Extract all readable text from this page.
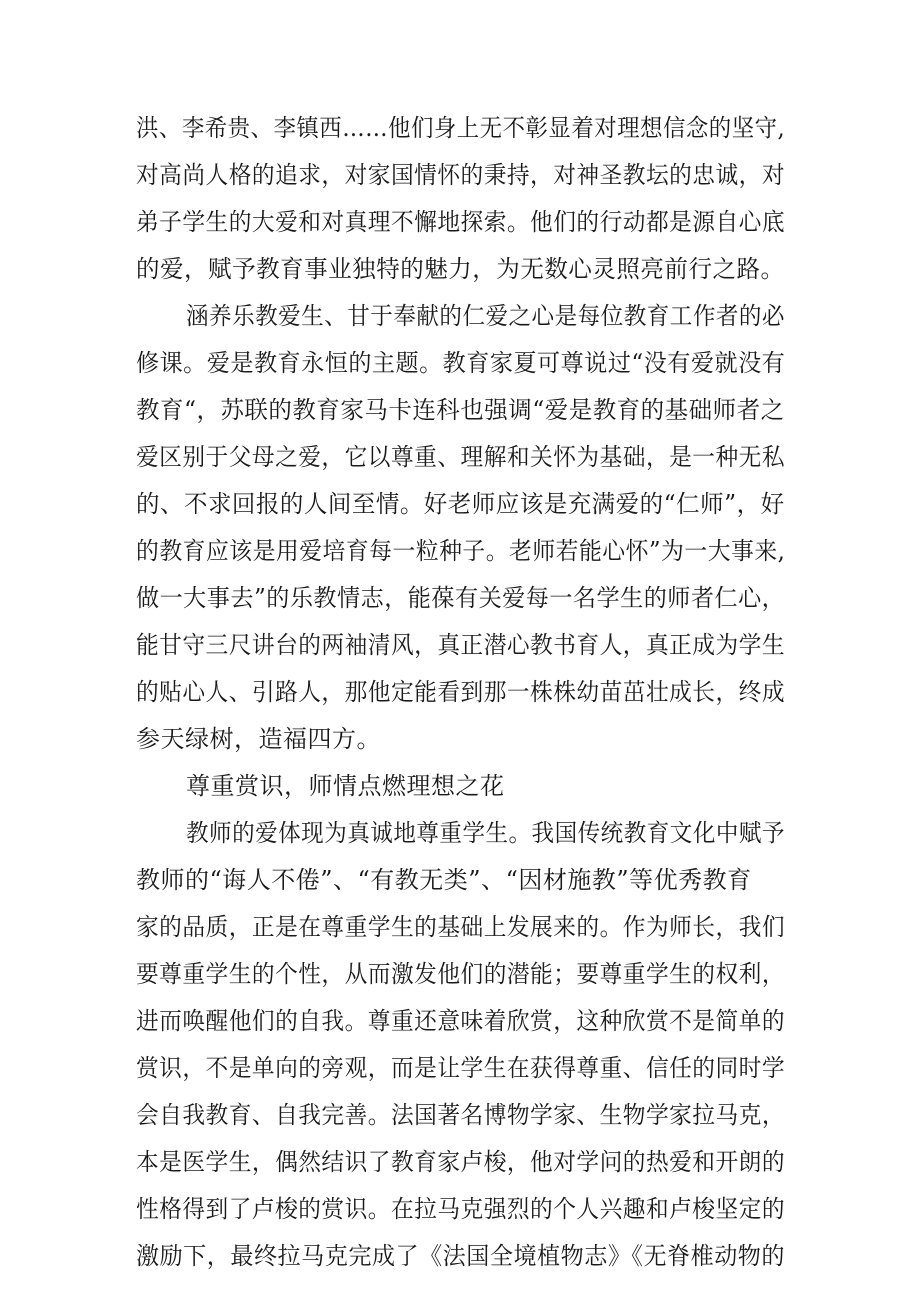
洪、李希贵、李镇西……他们身上无不彰显着对理想信念的坚守,
对高尚人格的追求，对家国情怀的秉持，对神圣教坛的忠诚，对
弟子学生的大爱和对真理不懈地探索。他们的行动都是源自心底
的爱，赋予教育事业独特的魅力，为无数心灵照亮前行之路。
涵养乐教爱生、甘于奉献的仁爱之心是每位教育工作者的必
修课。爱是教育永恒的主题。教育家夏可尊说过“没有爱就没有
教育“，苏联的教育家马卡连科也强调“爱是教育的基础师者之
爱区别于父母之爱，它以尊重、理解和关怀为基础，是一种无私
的、不求回报的人间至情。好老师应该是充满爱的“仁师”，好
的教育应该是用爱培育每一粒种子。老师若能心怀”为一大事来,
做一大事去”的乐教情志，能葆有关爱每一名学生的师者仁心，
能甘守三尺讲台的两袖清风，真正潜心教书育人，真正成为学生
的贴心人、引路人，那他定能看到那一株株幼苗茁壮成长，终成
参天绿树，造福四方。
尊重赏识，师情点燃理想之花
教师的爱体现为真诚地尊重学生。我国传统教育文化中赋予
教师的“诲人不倦”、“有教无类”、“因材施教”等优秀教育
家的品质，正是在尊重学生的基础上发展来的。作为师长，我们
要尊重学生的个性，从而激发他们的潜能；要尊重学生的权利，
进而唤醒他们的自我。尊重还意味着欣赏，这种欣赏不是简单的
赏识，不是单向的旁观，而是让学生在获得尊重、信任的同时学
会自我教育、自我完善。法国著名博物学家、生物学家拉马克，
本是医学生，偶然结识了教育家卢梭，他对学问的热爱和开朗的
性格得到了卢梭的赏识。在拉马克强烈的个人兴趣和卢梭坚定的
激励下，最终拉马克完成了《法国全境植物志》《无脊椎动物的
